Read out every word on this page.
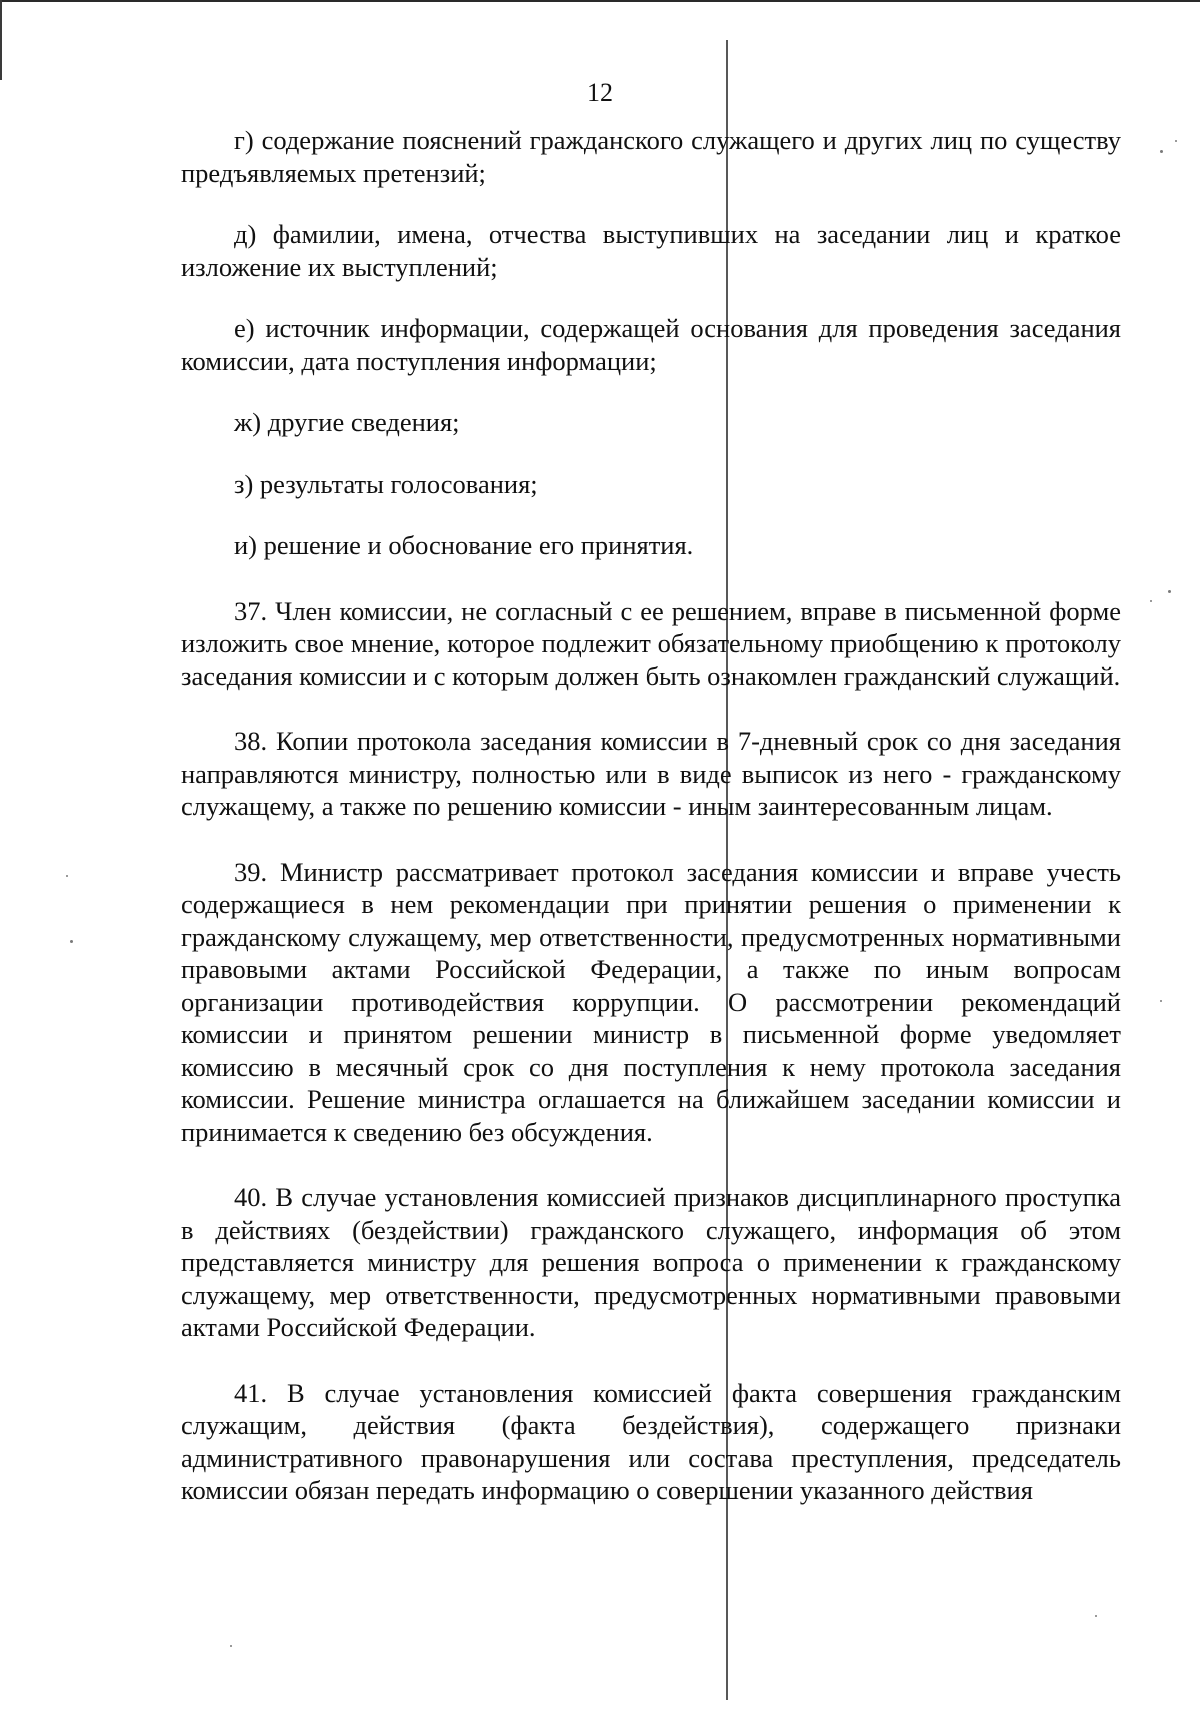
12

г) содержание пояснений гражданского служащего и других лиц по существу предъявляемых претензий;

д) фамилии, имена, отчества выступивших на заседании лиц и краткое изложение их выступлений;

е) источник информации, содержащей основания для проведения заседания комиссии, дата поступления информации;

ж) другие сведения;

з) результаты голосования;

и) решение и обоснование его принятия.

37. Член комиссии, не согласный с ее решением, вправе в письменной форме изложить свое мнение, которое подлежит обязательному приобщению к протоколу заседания комиссии и с которым должен быть ознакомлен гражданский служащий.

38. Копии протокола заседания комиссии в 7-дневный срок со дня заседания направляются министру, полностью или в виде выписок из него - гражданскому служащему, а также по решению комиссии - иным заинтересованным лицам.

39. Министр рассматривает протокол заседания комиссии и вправе учесть содержащиеся в нем рекомендации при принятии решения о применении к гражданскому служащему, мер ответственности, предусмотренных нормативными правовыми актами Российской Федерации, а также по иным вопросам организации противодействия коррупции. О рассмотрении рекомендаций комиссии и принятом решении министр в письменной форме уведомляет комиссию в месячный срок со дня поступления к нему протокола заседания комиссии. Решение министра оглашается на ближайшем заседании комиссии и принимается к сведению без обсуждения.

40. В случае установления комиссией признаков дисциплинарного проступка в действиях (бездействии) гражданского служащего, информация об этом представляется министру для решения вопроса о применении к гражданскому служащему, мер ответственности, предусмотренных нормативными правовыми актами Российской Федерации.

41. В случае установления комиссией факта совершения гражданским служащим, действия (факта бездействия), содержащего признаки административного правонарушения или состава преступления, председатель комиссии обязан передать информацию о совершении указанного действия
